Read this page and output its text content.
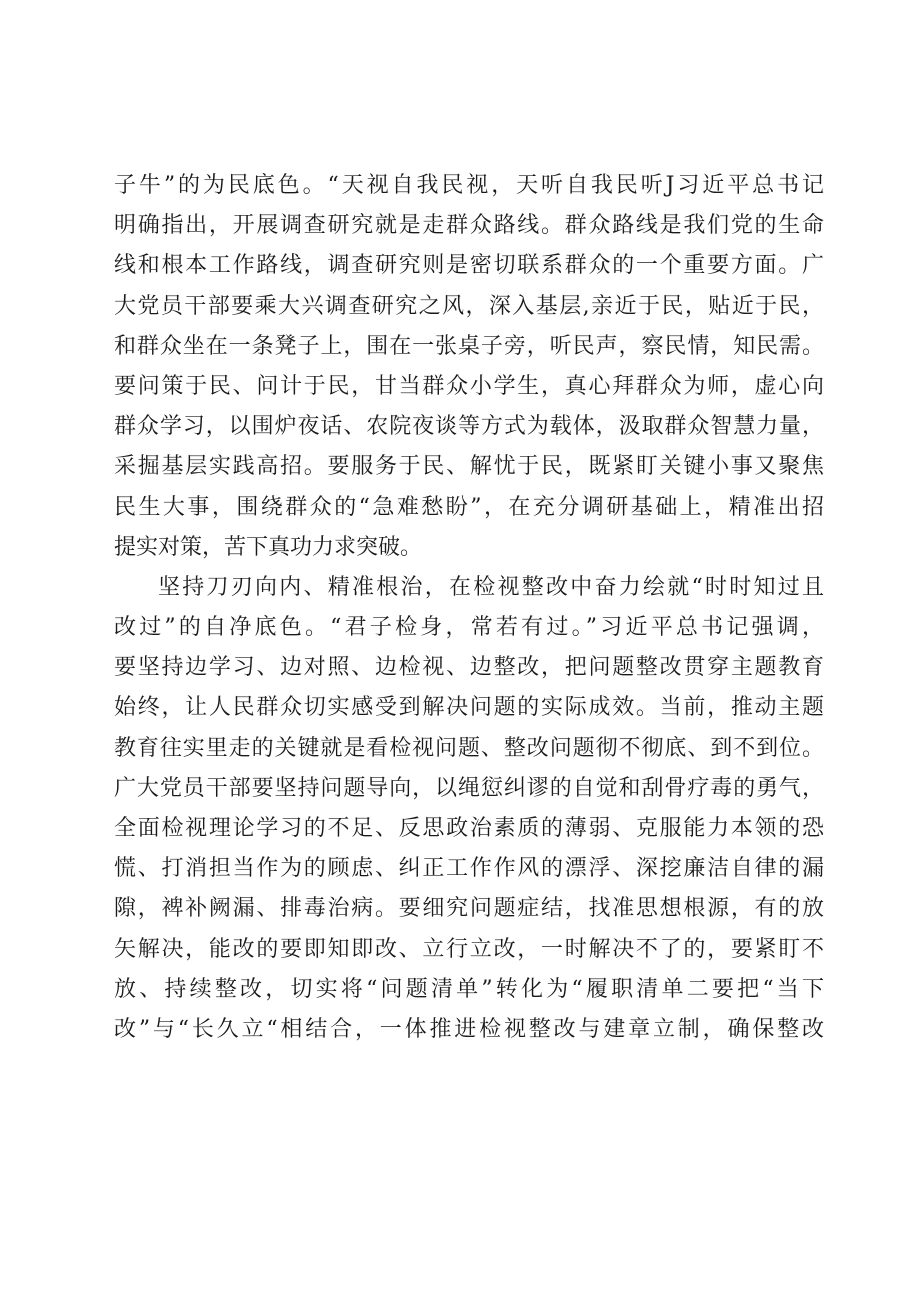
子牛”的为民底色。“天视自我民视，天听自我民听J习近平总书记
明确指出，开展调查研究就是走群众路线。群众路线是我们党的生命
线和根本工作路线，调查研究则是密切联系群众的一个重要方面。广
大党员干部要乘大兴调查研究之风，深入基层,亲近于民，贴近于民，
和群众坐在一条凳子上，围在一张桌子旁，听民声，察民情，知民需。
要问策于民、问计于民，甘当群众小学生，真心拜群众为师，虚心向
群众学习，以围炉夜话、农院夜谈等方式为载体，汲取群众智慧力量，
采掘基层实践高招。要服务于民、解忧于民，既紧盯关键小事又聚焦
民生大事，围绕群众的“急难愁盼”，在充分调研基础上，精准出招
提实对策，苦下真功力求突破。
坚持刀刃向内、精准根治，在检视整改中奋力绘就“时时知过且
改过”的自净底色。“君子检身，常若有过。”习近平总书记强调，
要坚持边学习、边对照、边检视、边整改，把问题整改贯穿主题教育
始终，让人民群众切实感受到解决问题的实际成效。当前，推动主题
教育往实里走的关键就是看检视问题、整改问题彻不彻底、到不到位。
广大党员干部要坚持问题导向，以绳愆纠谬的自觉和刮骨疗毒的勇气，
全面检视理论学习的不足、反思政治素质的薄弱、克服能力本领的恐
慌、打消担当作为的顾虑、纠正工作作风的漂浮、深挖廉洁自律的漏
隙，裨补阙漏、排毒治病。要细究问题症结，找准思想根源，有的放
矢解决，能改的要即知即改、立行立改，一时解决不了的，要紧盯不
放、持续整改，切实将“问题清单”转化为“履职清单二要把“当下
改”与“长久立“相结合，一体推进检视整改与建章立制，确保整改
